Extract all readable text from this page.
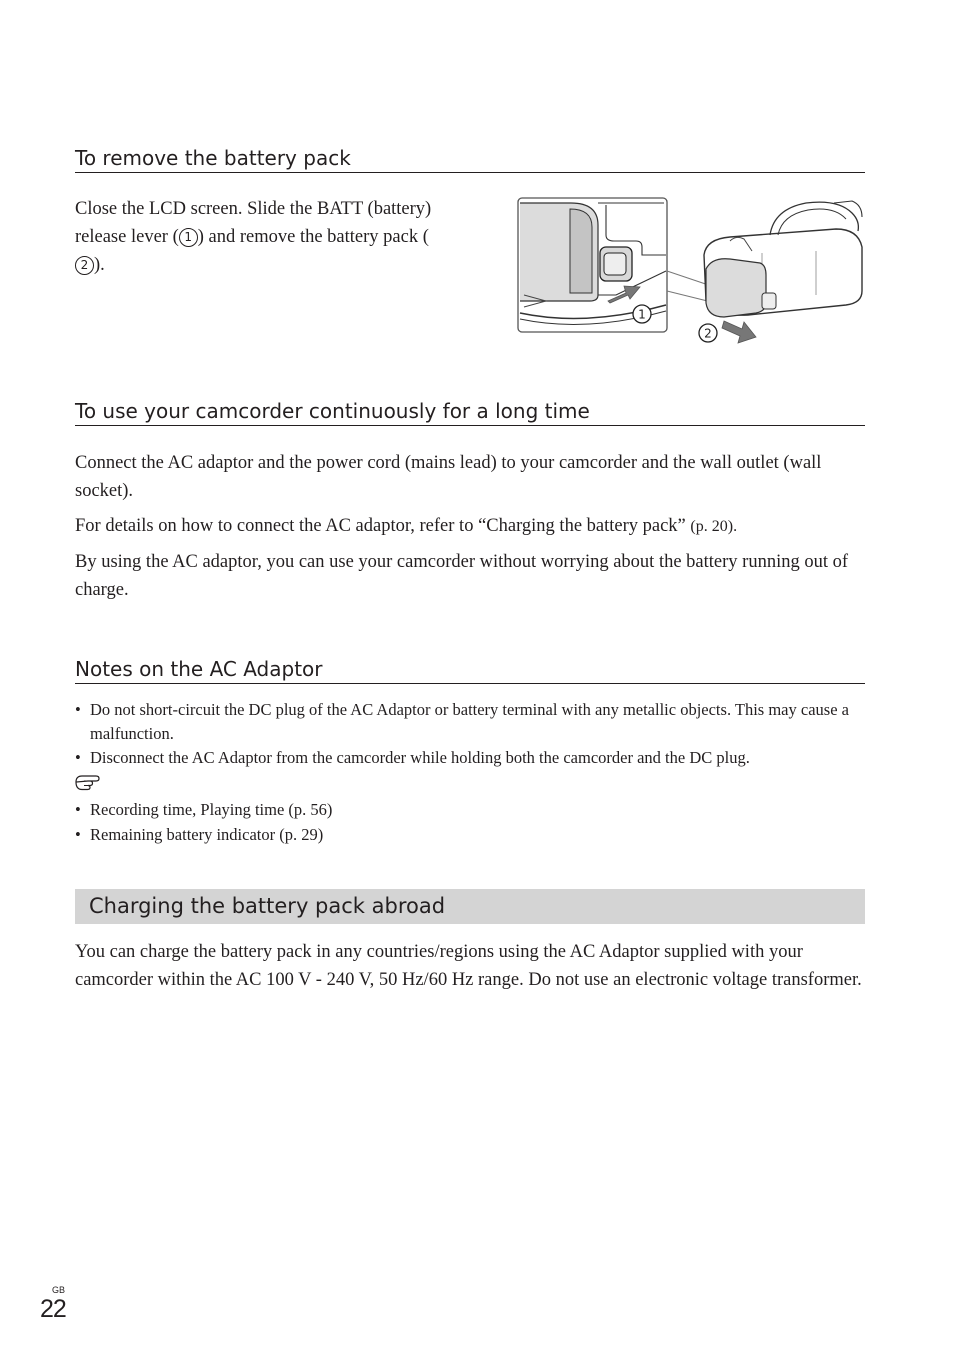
To remove the battery pack

Close the LCD screen. Slide the BATT (battery) release lever ( 1 ) and remove the battery pack (2 ).

1
2
To use your camcorder continuously for a long time

Connect the AC adaptor and the power cord (mains lead) to your camcorder and the wall outlet (wall socket).

For details on how to connect the AC adaptor, refer to “Charging the battery pack” (p. 20).

By using the AC adaptor, you can use your camcorder without worrying about the battery running out of charge.

Notes on the AC Adaptor
• Do not short-circuit the DC plug of the AC Adaptor or battery terminal with any metallic objects. This may cause a malfunction.
• Disconnect the AC Adaptor from the camcorder while holding both the camcorder and the DC plug.
• Recording time, Playing time (p. 56)
• Remaining battery indicator (p. 29)
Charging the battery pack abroad

You can charge the battery pack in any countries/regions using the AC Adaptor supplied with your camcorder within the AC 100 V - 240 V, 50 Hz/60 Hz range. Do not use an electronic voltage transformer.

GB
22
